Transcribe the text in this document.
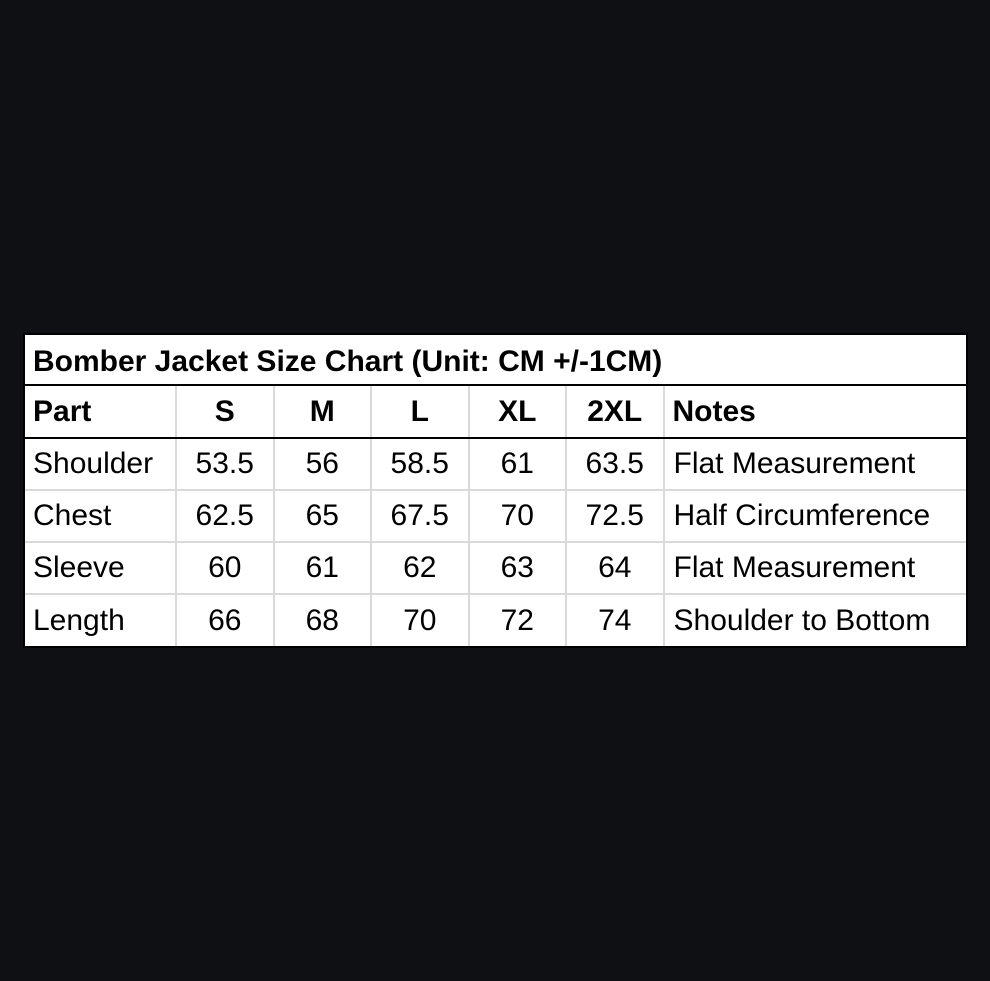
Bomber Jacket Size Chart (Unit: CM +/-1CM)
Part	S	M	L	XL	2XL	Notes
Shoulder	53.5	56	58.5	61	63.5	Flat Measurement
Chest	62.5	65	67.5	70	72.5	Half Circumference
Sleeve	60	61	62	63	64	Flat Measurement
Length	66	68	70	72	74	Shoulder to Bottom
